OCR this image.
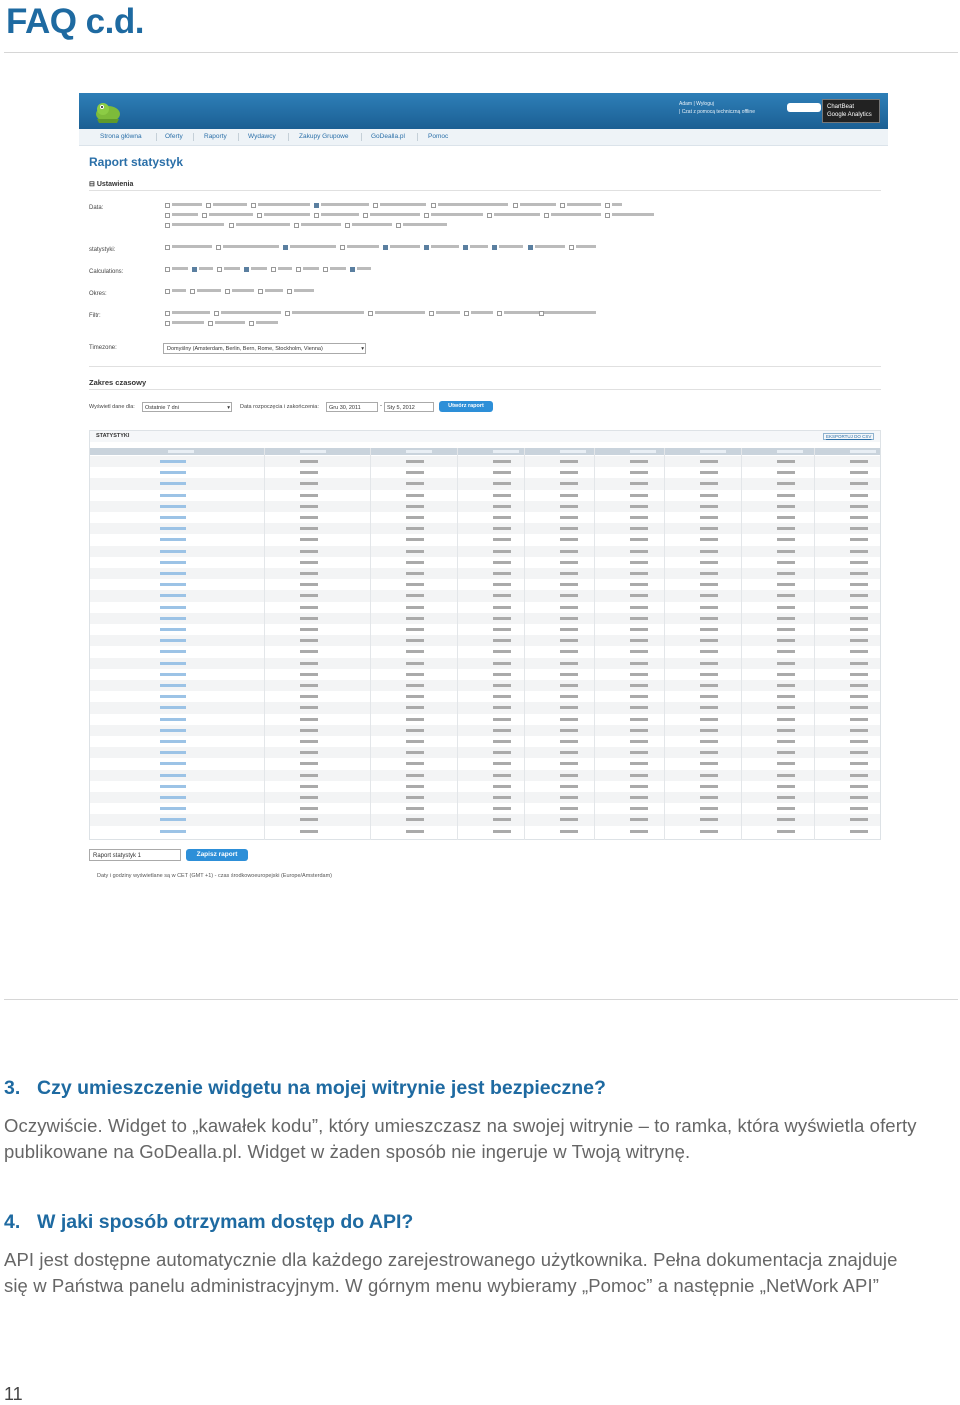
FAQ c.d.
Adam | Wyloguj
| Czat z pomocą techniczną offline
ChartBeat
Google Analytics
Strona główna	Oferty	Raporty	Wydawcy	Zakupy Grupowe	GoDealla.pl	Pomoc
Raport statystyk
⊟ Ustawienia
Data:
statystyki:
Calculations:
Okres:
Filtr:
Timezone:	Domyślny (Amsterdam, Berlin, Bern, Rome, Stockholm, Vienna)	▾
Zakres czasowy
Wyświetl dane dla:	Ostatnie 7 dni	▾ Data rozpoczęcia i zakończenia:	Gru 30, 2011	- Sty 5, 2012	Utwórz raport
STATYSTYKI	EKSPORTUJ DO CSV
Raport statystyk 1	Zapisz raport
Daty i godziny wyświetlane są w CET (GMT +1) - czas środkowoeuropejski (Europe/Amsterdam)
3. Czy umieszczenie widgetu na mojej witrynie jest bezpieczne?
Oczywiście. Widget to „kawałek kodu”, który umieszczasz na swojej witrynie – to ramka, która wyświetla oferty
publikowane na GoDealla.pl. Widget w żaden sposób nie ingeruje w Twoją witrynę.
4. W jaki sposób otrzymam dostęp do API?
API jest dostępne automatycznie dla każdego zarejestrowanego użytkownika. Pełna dokumentacja znajduje
się w Państwa panelu administracyjnym. W górnym menu wybieramy „Pomoc” a następnie „NetWork API”
11
